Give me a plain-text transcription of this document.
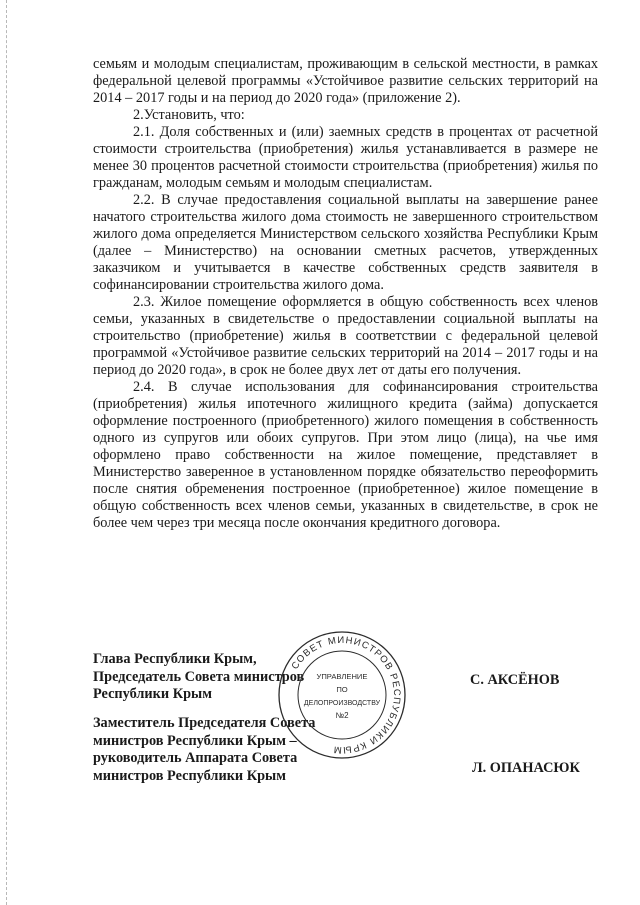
семьям и молодым специалистам, проживающим в сельской местности, в рамках федеральной целевой программы «Устойчивое развитие сельских территорий на 2014 – 2017 годы и на период до 2020 года» (приложение 2).

2.Установить, что:

2.1. Доля собственных и (или) заемных средств в процентах от расчетной стоимости строительства (приобретения) жилья устанавливается в размере не менее 30 процентов расчетной стоимости строительства (приобретения) жилья по гражданам, молодым семьям и молодым специалистам.

2.2. В случае предоставления социальной выплаты на завершение ранее начатого строительства жилого дома стоимость не завершенного строительством жилого дома определяется Министерством сельского хозяйства Республики Крым (далее – Министерство) на основании сметных расчетов, утвержденных заказчиком и учитывается в качестве собственных средств заявителя в софинансировании строительства жилого дома.

2.3. Жилое помещение оформляется в общую собственность всех членов семьи, указанных в свидетельстве о предоставлении социальной выплаты на строительство (приобретение) жилья в соответствии с федеральной целевой программой «Устойчивое развитие сельских территорий на 2014 – 2017 годы и на период до 2020 года», в срок не более двух лет от даты его получения.

2.4. В случае использования для софинансирования строительства (приобретения) жилья ипотечного жилищного кредита (займа) допускается оформление построенного (приобретенного) жилого помещения в собственность одного из супругов или обоих супругов. При этом лицо (лица), на чье имя оформлено право собственности на жилое помещение, представляет в Министерство заверенное в установленном порядке обязательство переоформить после снятия обременения построенное (приобретенное) жилое помещение в общую собственность всех членов семьи, указанных в свидетельстве, в срок не более чем через три месяца после окончания кредитного договора.

Глава Республики Крым,
Председатель Совета министров
Республики Крым
С. АКСЁНОВ
Заместитель Председателя Совета
министров Республики Крым –
руководитель Аппарата Совета
министров Республики Крым	Л. ОПАНАСЮК
СОВЕТ МИНИСТРОВ РЕСПУБЛИКИ КРЫМ
УПРАВЛЕНИЕ
ПО
ДЕЛОПРОИЗВОДСТВУ
№2
